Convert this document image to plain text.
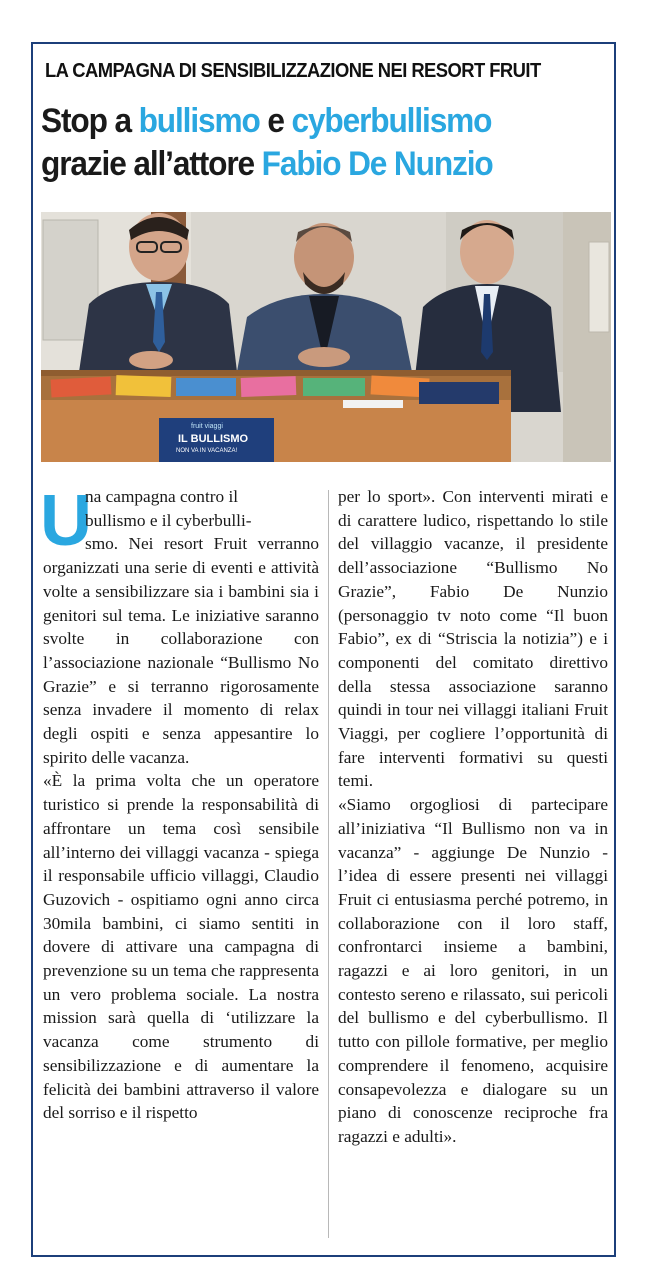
LA CAMPAGNA DI SENSIBILIZZAZIONE NEI RESORT FRUIT
Stop a bullismo e cyberbullismo
grazie all’attore Fabio De Nunzio
fruit viaggi
IL BULLISMO
NON VA IN VACANZA!
U
na campagna contro il
bullismo e il cyberbulli-

smo. Nei resort Fruit verranno organizzati una serie di eventi e attività volte a sensibilizzare sia i bambini sia i genitori sul tema. Le iniziative saranno svolte in collaborazione con l’associazione nazionale “Bullismo No Grazie” e si terranno rigorosamente senza invadere il momento di relax degli ospiti e senza appesantire lo spirito delle vacanza.

«È la prima volta che un operatore turistico si prende la responsabilità di affrontare un tema così sensibile all’interno dei villaggi vacanza - spiega il responsabile ufficio villaggi, Claudio Guzovich - ospitiamo ogni anno circa 30mila bambini, ci siamo sentiti in dovere di attivare una campagna di prevenzione su un tema che rappresenta un vero problema sociale. La nostra mission sarà quella di ‘utilizzare la vacanza come strumento di sensibilizzazione e di aumentare la felicità dei bambini attraverso il valore del sorriso e il rispetto

per lo sport». Con interventi mirati e di carattere ludico, rispettando lo stile del villaggio vacanze, il presidente dell’associazione “Bullismo No Grazie”, Fabio De Nunzio (personaggio tv noto come “Il buon Fabio”, ex di “Striscia la notizia”) e i componenti del comitato direttivo della stessa associazione saranno quindi in tour nei villaggi italiani Fruit Viaggi, per cogliere l’opportunità di fare interventi formativi su questi temi.

«Siamo orgogliosi di partecipare all’iniziativa “Il Bullismo non va in vacanza” - aggiunge De Nunzio - l’idea di essere presenti nei villaggi Fruit ci entusiasma perché potremo, in collaborazione con il loro staff, confrontarci insieme a bambini, ragazzi e ai loro genitori, in un contesto sereno e rilassato, sui pericoli del bullismo e del cyberbullismo. Il tutto con pillole formative, per meglio comprendere il fenomeno, acquisire consapevolezza e dialogare su un piano di conoscenze reciproche fra ragazzi e adulti».
